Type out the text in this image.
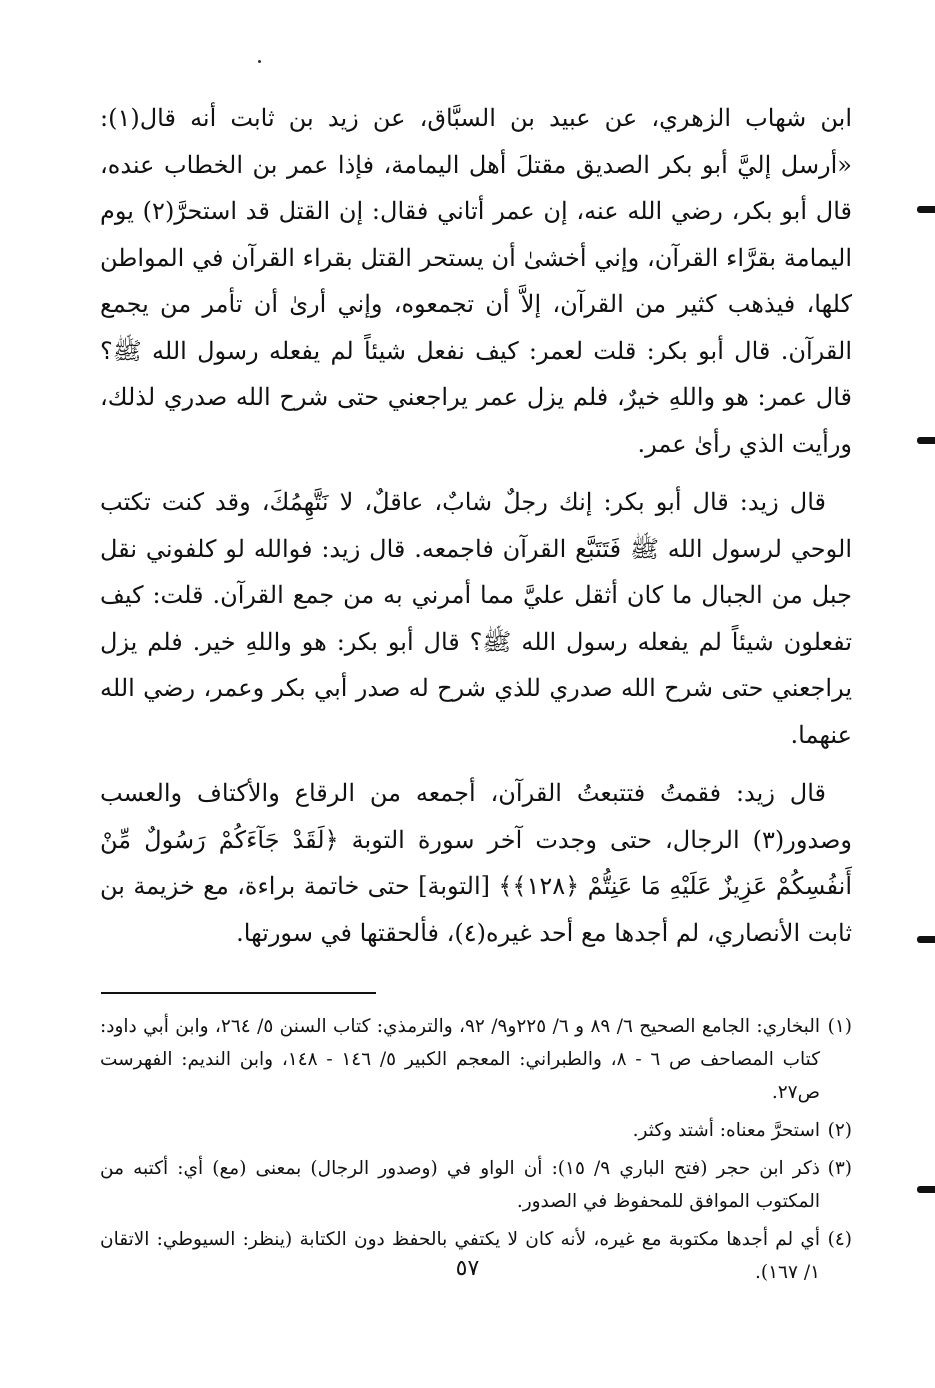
ابن شهاب الزهري، عن عبيد بن السبَّاق، عن زيد بن ثابت أنه قال(١): «أرسل إليَّ أبو بكر الصديق مقتلَ أهل اليمامة، فإذا عمر بن الخطاب عنده، قال أبو بكر، رضي الله عنه، إن عمر أتاني فقال: إن القتل قد استحرَّ(٢) يوم اليمامة بقرَّاء القرآن، وإني أخشىٰ أن يستحر القتل بقراء القرآن في المواطن كلها، فيذهب كثير من القرآن، إلاَّ أن تجمعوه، وإني أرىٰ أن تأمر من يجمع القرآن. قال أبو بكر: قلت لعمر: كيف نفعل شيئاً لم يفعله رسول الله ﷺ؟ قال عمر: هو واللهِ خيرٌ، فلم يزل عمر يراجعني حتى شرح الله صدري لذلك، ورأيت الذي رأىٰ عمر.

قال زيد: قال أبو بكر: إنك رجلٌ شابٌ، عاقلٌ، لا نَتَّهِمُكَ، وقد كنت تكتب الوحي لرسول الله ﷺ فَتَتَبَّع القرآن فاجمعه. قال زيد: فوالله لو كلفوني نقل جبل من الجبال ما كان أثقل عليَّ مما أمرني به من جمع القرآن. قلت: كيف تفعلون شيئاً لم يفعله رسول الله ﷺ؟ قال أبو بكر: هو واللهِ خير. فلم يزل يراجعني حتى شرح الله صدري للذي شرح له صدر أبي بكر وعمر، رضي الله عنهما.

قال زيد: فقمتُ فتتبعتُ القرآن، أجمعه من الرقاع والأكتاف والعسب وصدور(٣) الرجال، حتى وجدت آخر سورة التوبة ﴿لَقَدْ جَآءَكُمْ رَسُولٌ مِّنْ أَنفُسِكُمْ عَزِيزٌ عَلَيْهِ مَا عَنِتُّمْ ﴿١٢٨﴾﴾ [التوبة] حتى خاتمة براءة، مع خزيمة بن ثابت الأنصاري، لم أجدها مع أحد غيره(٤)، فألحقتها في سورتها.

(١)
البخاري: الجامع الصحيح ٦/ ٨٩ و ٦/ ٢٢٥و٩/ ٩٢، والترمذي: كتاب السنن ٥/ ٢٦٤، وابن أبي داود: كتاب المصاحف ص ٦ - ٨، والطبراني: المعجم الكبير ٥/ ١٤٦ - ١٤٨، وابن النديم: الفهرست ص٢٧.
(٢)
استحرَّ معناه: أشتد وكثر.
(٣)
ذكر ابن حجر (فتح الباري ٩/ ١٥): أن الواو في (وصدور الرجال) بمعنى (مع) أي: أكتبه من المكتوب الموافق للمحفوظ في الصدور.
(٤)
أي لم أجدها مكتوبة مع غيره، لأنه كان لا يكتفي بالحفظ دون الكتابة (ينظر: السيوطي: الاتقان ١/ ١٦٧).
٥٧
